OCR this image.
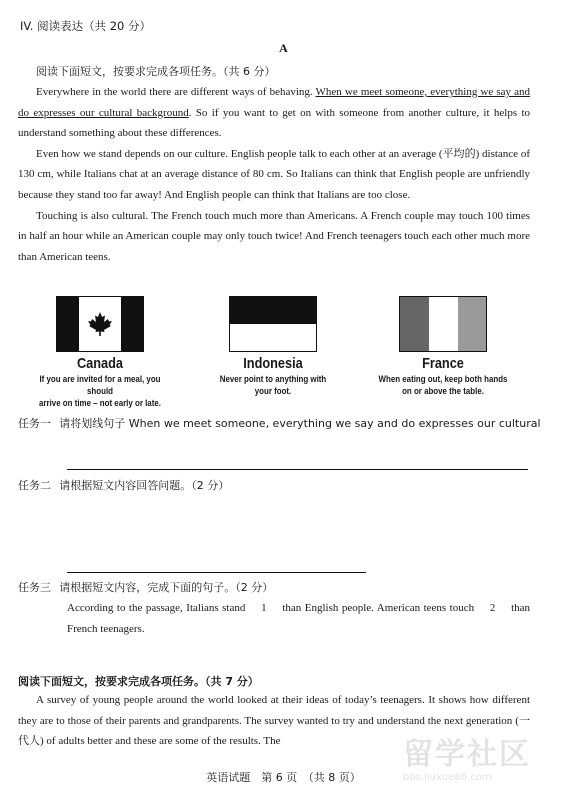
IV. 阅读表达（共 20 分）
A
阅读下面短文，按要求完成各项任务。（共 6 分）

Everywhere in the world there are different ways of behaving. When we meet someone, everything we say and do expresses our cultural background. So if you want to get on with someone from another culture, it helps to understand something about these differences.

Even how we stand depends on our culture. English people talk to each other at an average (平均的) distance of 130 cm, while Italians chat at an average distance of 80 cm. So Italians can think that English people are unfriendly because they stand too far away! And English people can think that Italians are too close.

Touching is also cultural. The French touch much more than Americans. A French couple may touch 100 times in half an hour while an American couple may only touch twice! And French teenagers touch each other much more than American teens.

Canada
If you are invited for a meal, you should
arrive on time – not early or late.
Indonesia
Never point to anything with
your foot.
France
When eating out, keep both hands
on or above the table.
任务一 请将划线句子 When we meet someone, everything we say and do expresses our cultural
任务二 请根据短文内容回答问题。（2 分）
任务三 请根据短文内容，完成下面的句子。（2 分）
According to the passage, Italians stand 1 than English people. American teens touch 2 than French teenagers.
阅读下面短文，按要求完成各项任务。（共 7 分）

A survey of young people around the world looked at their ideas of today’s teenagers. It shows how different they are to those of their parents and grandparents. The survey wanted to try and understand the next generation (一代人) of adults better and these are some of the results. The

英语试题　第 6 页　（共 8 页）
留学社区
bbs.liuxue86.com
